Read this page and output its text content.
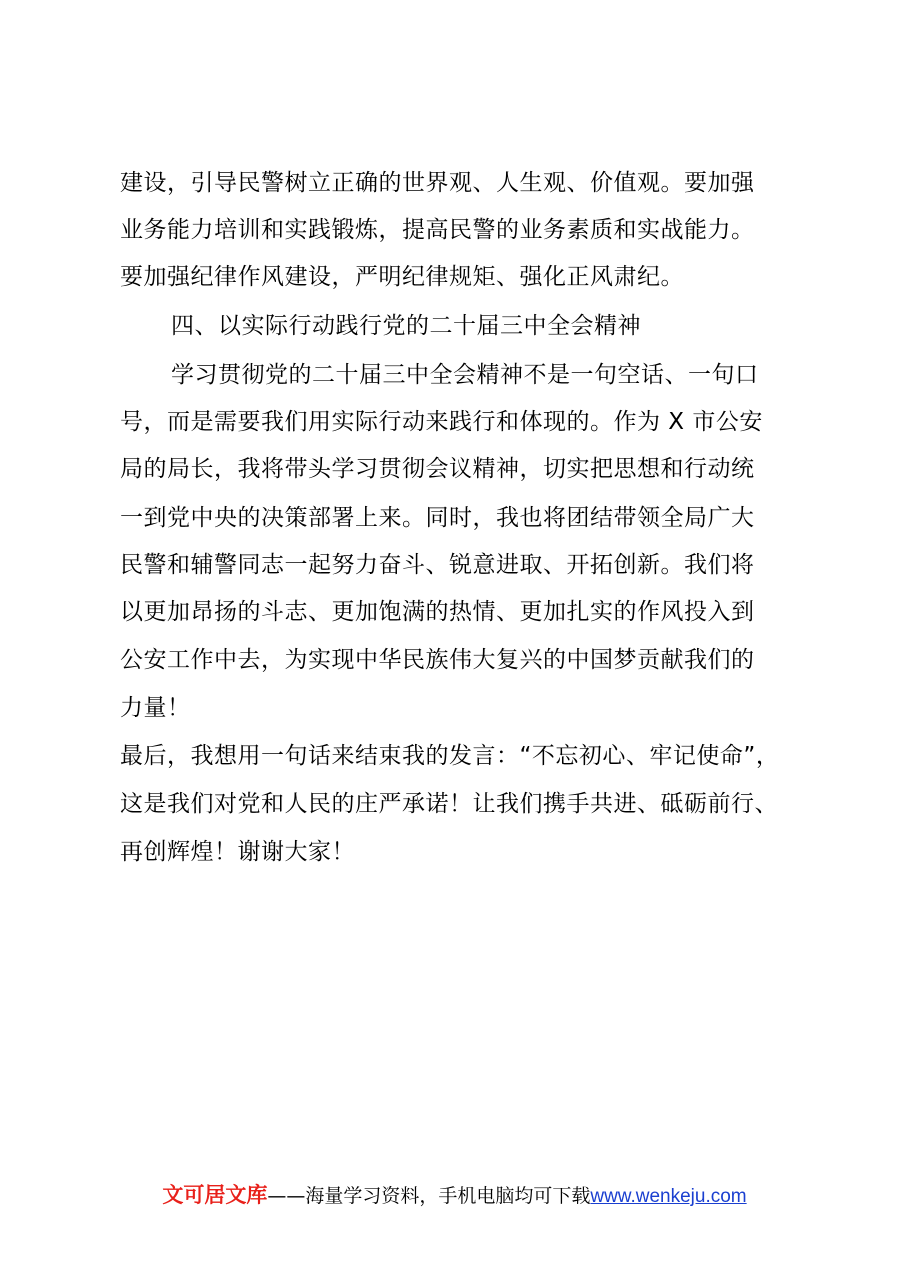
建设，引导民警树立正确的世界观、人生观、价值观。要加强
业务能力培训和实践锻炼，提高民警的业务素质和实战能力。
要加强纪律作风建设，严明纪律规矩、强化正风肃纪。
四、以实际行动践行党的二十届三中全会精神
学习贯彻党的二十届三中全会精神不是一句空话、一句口
号，而是需要我们用实际行动来践行和体现的。作为 X 市公安
局的局长，我将带头学习贯彻会议精神，切实把思想和行动统
一到党中央的决策部署上来。同时，我也将团结带领全局广大
民警和辅警同志一起努力奋斗、锐意进取、开拓创新。我们将
以更加昂扬的斗志、更加饱满的热情、更加扎实的作风投入到
公安工作中去，为实现中华民族伟大复兴的中国梦贡献我们的
力量！
最后，我想用一句话来结束我的发言：“不忘初心、牢记使命”，
这是我们对党和人民的庄严承诺！让我们携手共进、砥砺前行、
再创辉煌！谢谢大家！
文可居文库——海量学习资料，手机电脑均可下载www.wenkeju.com
